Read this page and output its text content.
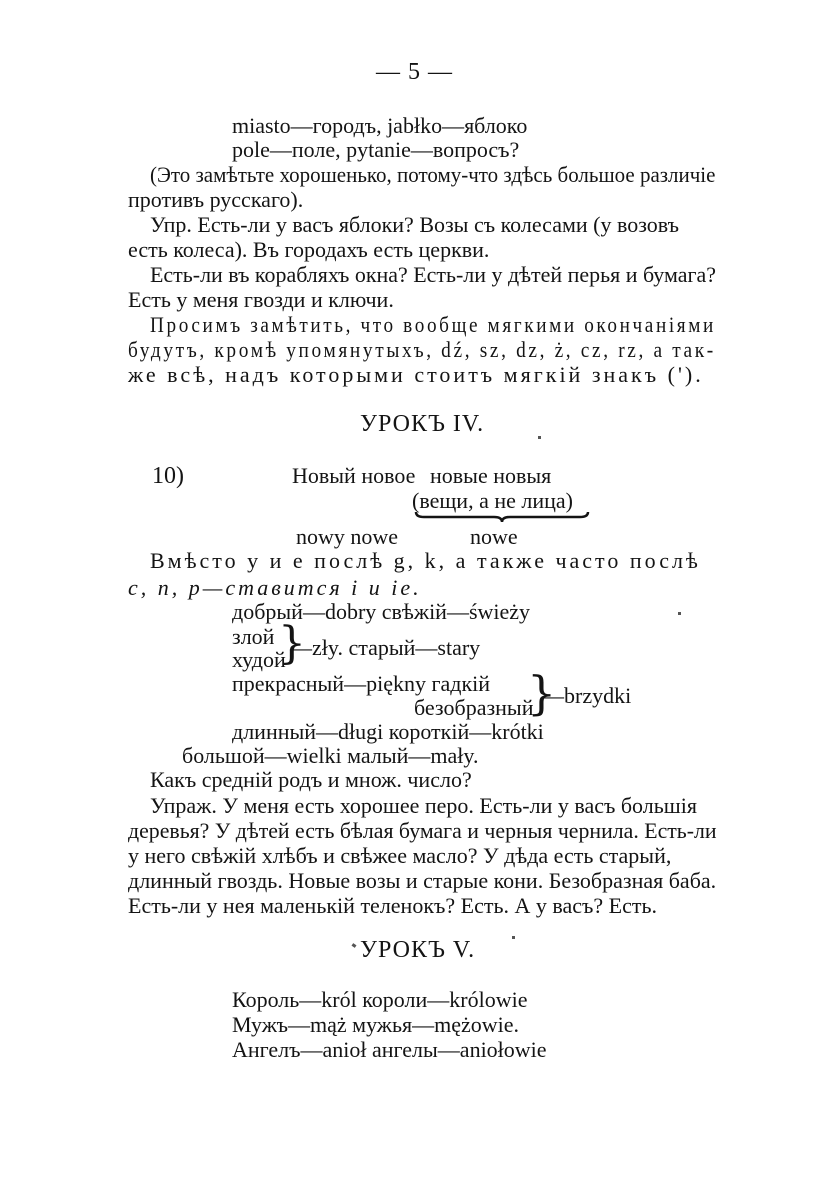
— 5 —
miasto—городъ, jabłko—яблоко
pole—поле, pytanie—вопросъ?
(Это замѣтьте хорошенько, потому-что здѣсь большое различіе
противъ русскаго).
Упр. Есть-ли у васъ яблоки? Возы съ колесами (у возовъ
есть колеса). Въ городахъ есть церкви.
Есть-ли въ корабляхъ окна? Есть-ли у дѣтей перья и бумага?
Есть у меня гвозди и ключи.
Просимъ замѣтить, что вообще мягкими окончаніями
будутъ, кромѣ упомянутыхъ, dź, sz, dz, ż, cz, rz, а так-
же всѣ, надъ которыми стоитъ мягкій знакъ (').
УРОКЪ IV.
10)	Новый новое новые новыя
(вещи, а не лица)
nowy nowe	nowe
Вмѣсто y и e послѣ g, k, а также часто послѣ
c, n, p—ставится i и ie.
добрый—dobry свѣжій—świeży
злой
худой
}
—zły. старый—stary
прекрасный—piękny гадкій
безобразный
}
—brzydki
длинный—długi короткій—krótki
большой—wielki малый—mały.
Какъ среднiй родъ и множ. число?
Упраж. У меня есть хорошее перо. Есть-ли у васъ большія
деревья? У дѣтей есть бѣлая бумага и черныя чернила. Есть-ли
у него свѣжій хлѣбъ и свѣжее масло? У дѣда есть старый,
длинный гвоздь. Новые возы и старые кони. Безобразная баба.
Есть-ли у нея маленькій теленокъ? Есть. А у васъ? Есть.
УРОКЪ V.
Король—król короли—królowie
Мужъ—mąż мужья—mężowie.
Ангелъ—anioł ангелы—aniołowie
